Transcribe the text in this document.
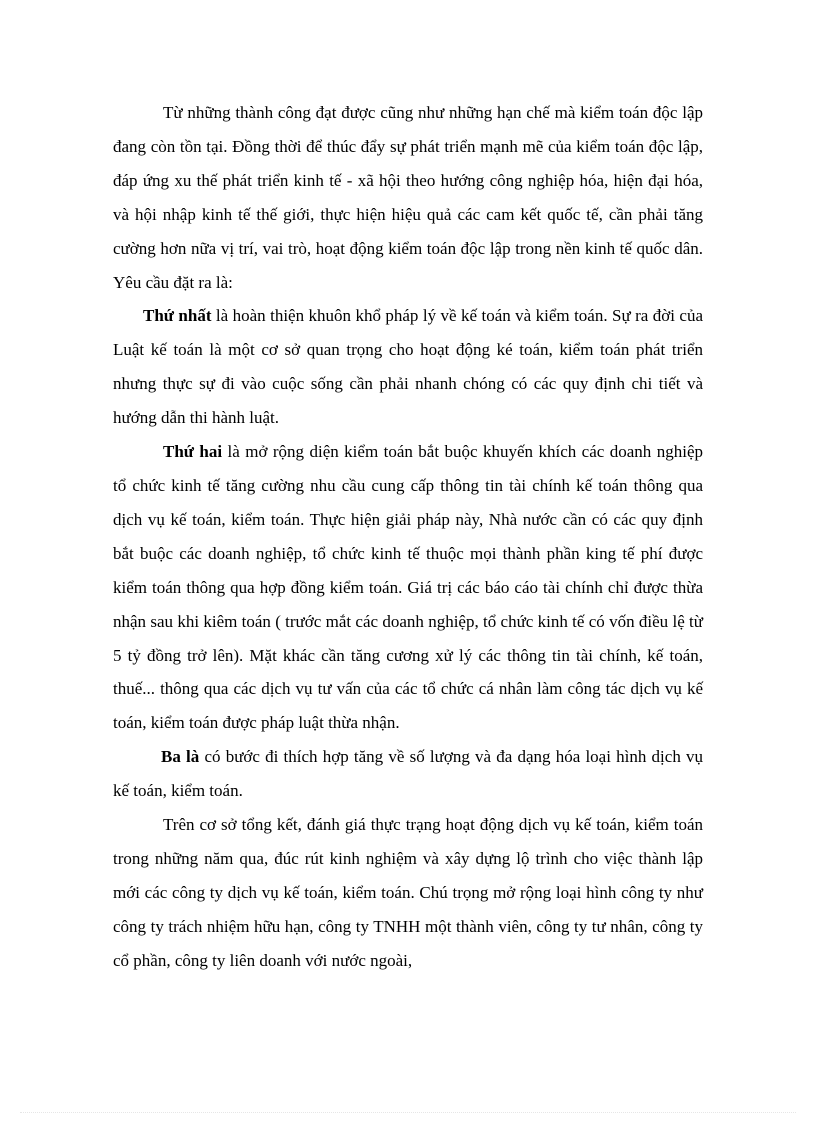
Từ những thành công đạt được cũng như những hạn chế mà kiểm toán độc lập đang còn tồn tại. Đồng thời để thúc đẩy sự phát triển mạnh mẽ của kiểm toán độc lập, đáp ứng xu thế phát triển kinh tế - xã hội theo hướng công nghiệp hóa, hiện đại hóa, và hội nhập kinh tế thế giới, thực hiện hiệu quả các cam kết quốc tế, cần phải tăng cường hơn nữa vị trí, vai trò, hoạt động kiểm toán độc lập trong nền kinh tế quốc dân. Yêu cầu đặt ra là:

Thứ nhất là hoàn thiện khuôn khổ pháp lý về kế toán và kiểm toán. Sự ra đời của Luật kế toán là một cơ sở quan trọng cho hoạt động ké toán, kiểm toán phát triển nhưng thực sự đi vào cuộc sống cần phải nhanh chóng có các quy định chi tiết và hướng dẫn thi hành luật.

Thứ hai là mở rộng diện kiểm toán bắt buộc khuyến khích các doanh nghiệp tổ chức kinh tế tăng cường nhu cầu cung cấp thông tin tài chính kế toán thông qua dịch vụ kế toán, kiểm toán. Thực hiện giải pháp này, Nhà nước cần có các quy định bắt buộc các doanh nghiệp, tổ chức kinh tế thuộc mọi thành phần king tế phí được kiểm toán thông qua hợp đồng kiểm toán. Giá trị các báo cáo tài chính chỉ được thừa nhận sau khi kiêm toán ( trước mắt các doanh nghiệp, tổ chức kinh tế có vốn điều lệ từ 5 tỷ đồng trở lên). Mặt khác cần tăng cương xử lý các thông tin tài chính, kế toán, thuế... thông qua các dịch vụ tư vấn của các tổ chức cá nhân làm công tác dịch vụ kế toán, kiểm toán được pháp luật thừa nhận.

Ba là có bước đi thích hợp tăng về số lượng và đa dạng hóa loại hình dịch vụ kế toán, kiểm toán.

Trên cơ sở tổng kết, đánh giá thực trạng hoạt động dịch vụ kế toán, kiểm toán trong những năm qua, đúc rút kinh nghiệm và xây dựng lộ trình cho việc thành lập mới các công ty dịch vụ kế toán, kiểm toán. Chú trọng mở rộng loại hình công ty như công ty trách nhiệm hữu hạn, công ty TNHH một thành viên, công ty tư nhân, công ty cổ phần, công ty liên doanh với nước ngoài,
